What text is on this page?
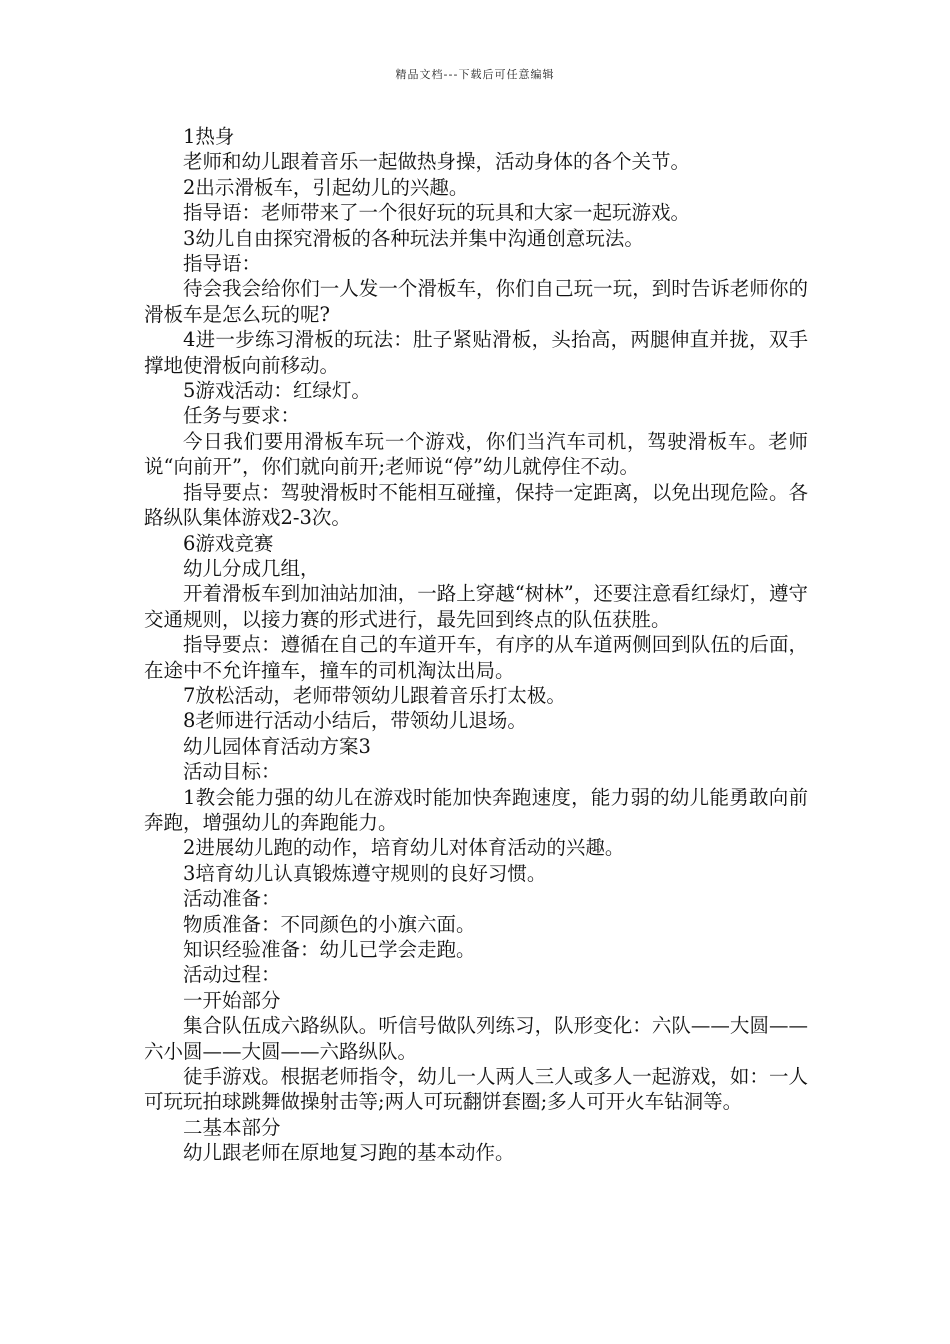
精品文档---下载后可任意编辑

1热身

老师和幼儿跟着音乐一起做热身操，活动身体的各个关节。

2出示滑板车，引起幼儿的兴趣。

指导语：老师带来了一个很好玩的玩具和大家一起玩游戏。

3幼儿自由探究滑板的各种玩法并集中沟通创意玩法。

指导语：

待会我会给你们一人发一个滑板车，你们自己玩一玩，到时告诉老师你的滑板车是怎么玩的呢?

4进一步练习滑板的玩法：肚子紧贴滑板，头抬高，两腿伸直并拢，双手撑地使滑板向前移动。

5游戏活动：红绿灯。

任务与要求：

今日我们要用滑板车玩一个游戏，你们当汽车司机，驾驶滑板车。老师说“向前开”，你们就向前开;老师说“停”幼儿就停住不动。

指导要点：驾驶滑板时不能相互碰撞，保持一定距离，以免出现危险。各路纵队集体游戏2-3次。

6游戏竞赛

幼儿分成几组，

开着滑板车到加油站加油，一路上穿越“树林”，还要注意看红绿灯，遵守交通规则，以接力赛的形式进行，最先回到终点的队伍获胜。

指导要点：遵循在自己的车道开车，有序的从车道两侧回到队伍的后面，在途中不允许撞车，撞车的司机淘汰出局。

7放松活动，老师带领幼儿跟着音乐打太极。

8老师进行活动小结后，带领幼儿退场。

幼儿园体育活动方案3

活动目标：

1教会能力强的幼儿在游戏时能加快奔跑速度，能力弱的幼儿能勇敢向前奔跑，增强幼儿的奔跑能力。

2进展幼儿跑的动作，培育幼儿对体育活动的兴趣。

3培育幼儿认真锻炼遵守规则的良好习惯。

活动准备：

物质准备：不同颜色的小旗六面。

知识经验准备：幼儿已学会走跑。

活动过程：

一开始部分

集合队伍成六路纵队。听信号做队列练习，队形变化：六队——大圆——六小圆——大圆——六路纵队。

徒手游戏。根据老师指令，幼儿一人两人三人或多人一起游戏，如：一人可玩玩拍球跳舞做操射击等;两人可玩翻饼套圈;多人可开火车钻洞等。

二基本部分

幼儿跟老师在原地复习跑的基本动作。
